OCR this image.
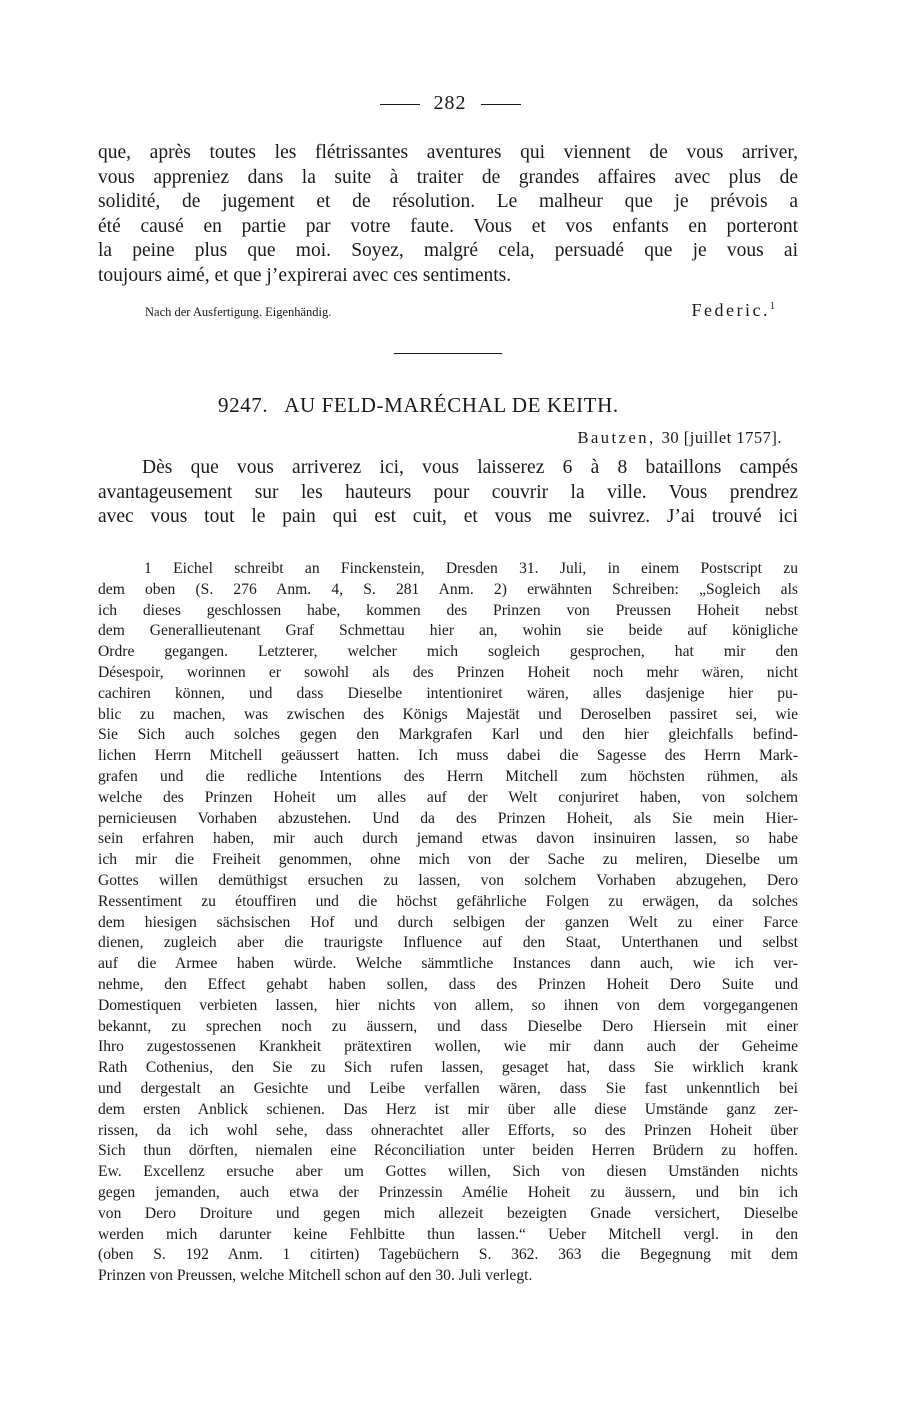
282
que, après toutes les flétrissantes aventures qui viennent de vous arriver,
vous appreniez dans la suite à traiter de grandes affaires avec plus de
solidité, de jugement et de résolution. Le malheur que je prévois a
été causé en partie par votre faute. Vous et vos enfants en porteront
la peine plus que moi. Soyez, malgré cela, persuadé que je vous ai
toujours aimé, et que j’expirerai avec ces sentiments.
Nach der Ausfertigung. Eigenhändig.	Federic.$^1$
9247. AU FELD-MARÉCHAL DE KEITH.
Bautzen, 30 [juillet 1757].
Dès que vous arriverez ici, vous laisserez 6 à 8 bataillons campés
avantageusement sur les hauteurs pour couvrir la ville. Vous prendrez
avec vous tout le pain qui est cuit, et vous me suivrez. J’ai trouvé ici
1 Eichel schreibt an Finckenstein, Dresden 31. Juli, in einem Postscript zu
dem oben (S. 276 Anm. 4, S. 281 Anm. 2) erwähnten Schreiben: „Sogleich als
ich dieses geschlossen habe, kommen des Prinzen von Preussen Hoheit nebst
dem Generallieutenant Graf Schmettau hier an, wohin sie beide auf königliche
Ordre gegangen. Letzterer, welcher mich sogleich gesprochen, hat mir den
Désespoir, worinnen er sowohl als des Prinzen Hoheit noch mehr wären, nicht
cachiren können, und dass Dieselbe intentioniret wären, alles dasjenige hier pu-
blic zu machen, was zwischen des Königs Majestät und Deroselben passiret sei, wie
Sie Sich auch solches gegen den Markgrafen Karl und den hier gleichfalls befind-
lichen Herrn Mitchell geäussert hatten. Ich muss dabei die Sagesse des Herrn Mark-
grafen und die redliche Intentions des Herrn Mitchell zum höchsten rühmen, als
welche des Prinzen Hoheit um alles auf der Welt conjuriret haben, von solchem
pernicieusen Vorhaben abzustehen. Und da des Prinzen Hoheit, als Sie mein Hier-
sein erfahren haben, mir auch durch jemand etwas davon insinuiren lassen, so habe
ich mir die Freiheit genommen, ohne mich von der Sache zu meliren, Dieselbe um
Gottes willen demüthigst ersuchen zu lassen, von solchem Vorhaben abzugehen, Dero
Ressentiment zu étouffiren und die höchst gefährliche Folgen zu erwägen, da solches
dem hiesigen sächsischen Hof und durch selbigen der ganzen Welt zu einer Farce
dienen, zugleich aber die traurigste Influence auf den Staat, Unterthanen und selbst
auf die Armee haben würde. Welche sämmtliche Instances dann auch, wie ich ver-
nehme, den Effect gehabt haben sollen, dass des Prinzen Hoheit Dero Suite und
Domestiquen verbieten lassen, hier nichts von allem, so ihnen von dem vorgegangenen
bekannt, zu sprechen noch zu äussern, und dass Dieselbe Dero Hiersein mit einer
Ihro zugestossenen Krankheit prätextiren wollen, wie mir dann auch der Geheime
Rath Cothenius, den Sie zu Sich rufen lassen, gesaget hat, dass Sie wirklich krank
und dergestalt an Gesichte und Leibe verfallen wären, dass Sie fast unkenntlich bei
dem ersten Anblick schienen. Das Herz ist mir über alle diese Umstände ganz zer-
rissen, da ich wohl sehe, dass ohnerachtet aller Efforts, so des Prinzen Hoheit über
Sich thun dörften, niemalen eine Réconciliation unter beiden Herren Brüdern zu hoffen.
Ew. Excellenz ersuche aber um Gottes willen, Sich von diesen Umständen nichts
gegen jemanden, auch etwa der Prinzessin Amélie Hoheit zu äussern, und bin ich
von Dero Droiture und gegen mich allezeit bezeigten Gnade versichert, Dieselbe
werden mich darunter keine Fehlbitte thun lassen.“ Ueber Mitchell vergl. in den
(oben S. 192 Anm. 1 citirten) Tagebüchern S. 362. 363 die Begegnung mit dem
Prinzen von Preussen, welche Mitchell schon auf den 30. Juli verlegt.
